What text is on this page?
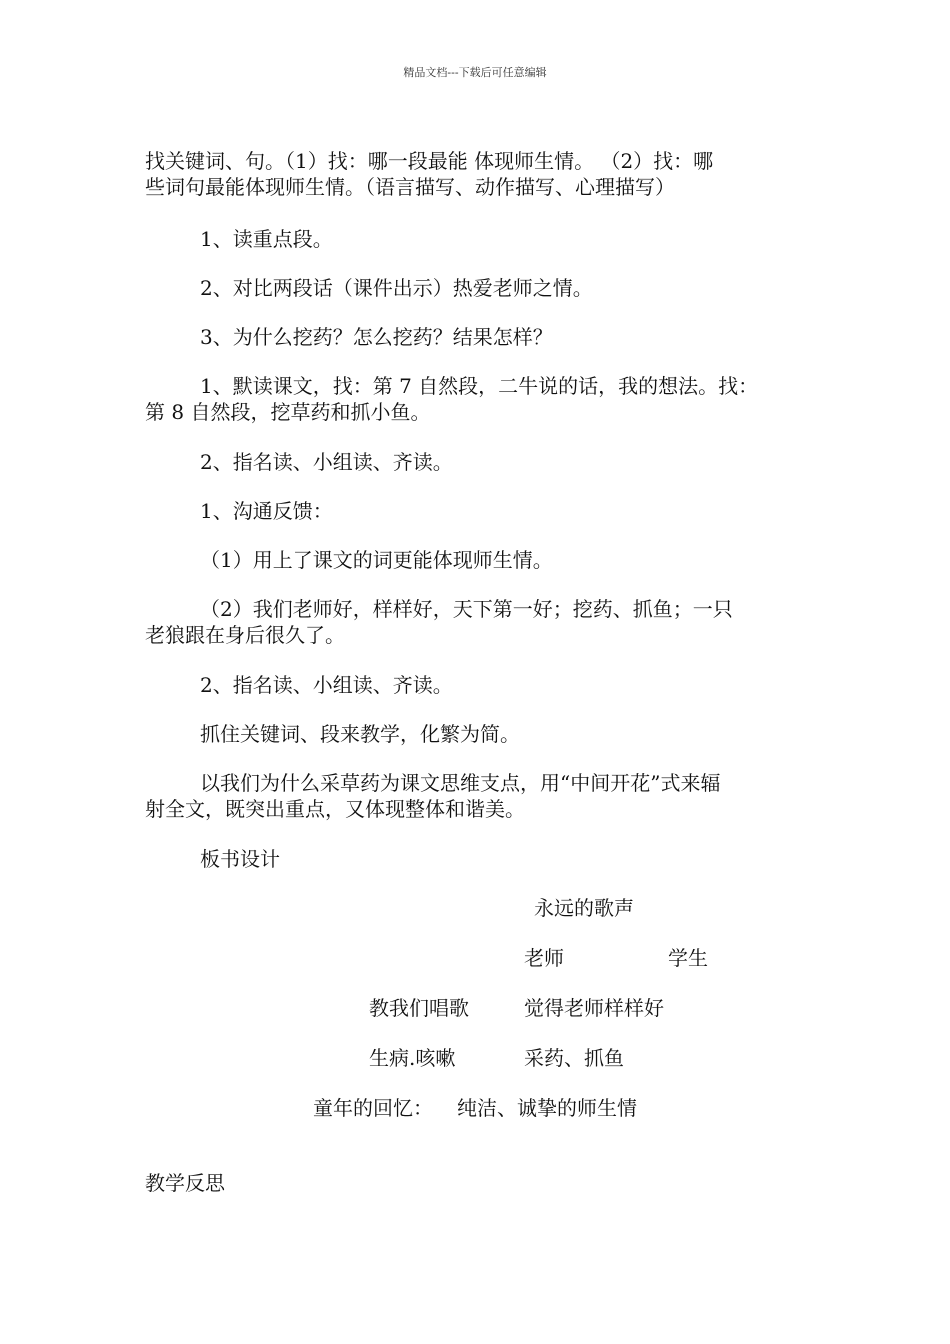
精品文档---下载后可任意编辑
找关键词、句。（1）找：哪一段最能 体现师生情。 （2）找：哪
些词句最能体现师生情。（语言描写、动作描写、心理描写）
1、读重点段。
2、对比两段话（课件出示）热爱老师之情。
3、为什么挖药？怎么挖药？结果怎样？
1、默读课文，找：第 7 自然段，二牛说的话，我的想法。找：
第 8 自然段，挖草药和抓小鱼。
2、指名读、小组读、齐读。
1、沟通反馈：
（1）用上了课文的词更能体现师生情。
（2）我们老师好，样样好，天下第一好；挖药、抓鱼；一只
老狼跟在身后很久了。
2、指名读、小组读、齐读。
抓住关键词、段来教学，化繁为简。
以我们为什么采草药为课文思维支点，用“中间开花”式来辐
射全文，既突出重点，又体现整体和谐美。
板书设计
永远的歌声
老师	学生
教我们唱歌	觉得老师样样好
生病.咳嗽	采药、抓鱼
童年的回忆： 纯洁、诚挚的师生情
教学反思
